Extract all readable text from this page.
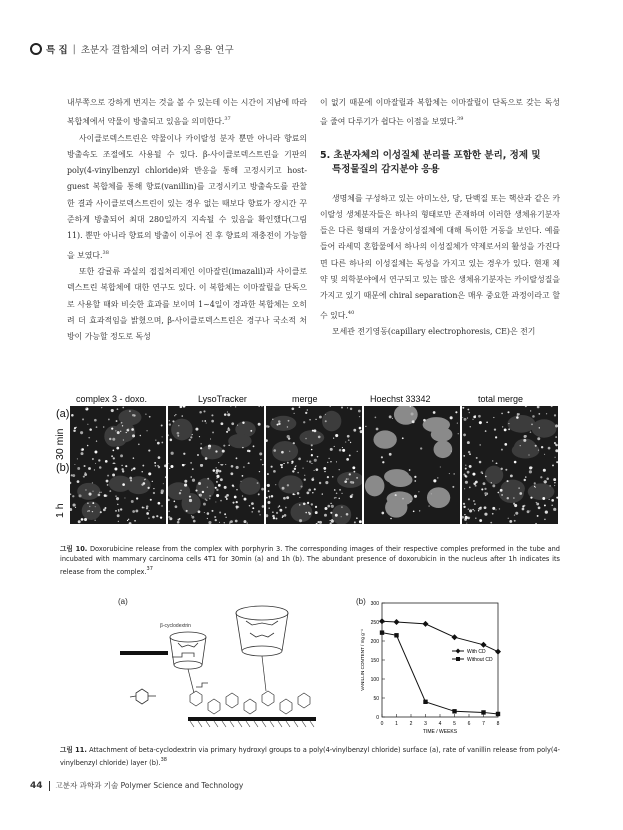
특 집 | 초분자 결합체의 여러 가지 응용 연구

내부쪽으로 강하게 번지는 것을 볼 수 있는데 이는 시간이 지남에 따라 복합체에서 약물이 방출되고 있음을 의미한다.$^{37}$

사이클로덱스트린은 약물이나 카이랄성 분자 뿐만 아니라 향료의 방출속도 조절에도 사용될 수 있다. β-사이클로덱스트린을 기판의 poly(4-vinylbenzyl chloride)와 반응을 통해 고정시키고 host-guest 복합체를 통해 향료(vanillin)를 고정시키고 방출속도를 관찰한 결과 사이클로덱스트린이 있는 경우 없는 때보다 향료가 장시간 꾸준하게 방출되어 최대 280일까지 지속될 수 있음을 확인했다(그림 11). 뿐만 아니라 향료의 방출이 이루어 진 후 향료의 재충전이 가능함을 보였다.$^{38}$

또한 감귤류 과실의 접집처리제인 이마잘린(imazalil)과 사이클로덱스트린 복합체에 대한 연구도 있다. 이 복합체는 이마잘릴을 단독으로 사용할 때와 비슷한 효과를 보이며 1~4일이 경과한 복합체는 오히려 더 효과적임을 밝혔으며, β-사이클로덱스트린은 경구나 국소적 처방이 가능할 정도로 독성

이 없기 때문에 이마잘릴과 복합체는 이마잘릴이 단독으로 갖는 독성을 줄여 다루기가 쉽다는 이점을 보였다.$^{39}$

5. 초분자체의 이성질체 분리를 포함한 분리, 정제 및
특정물질의 감지분야 응용

생명체를 구성하고 있는 아미노산, 당, 단백질 또는 핵산과 같은 카이랄성 생체분자들은 하나의 형태로만 존재하며 이러한 생체유기분자들은 다른 형태의 거울상이성질체에 대해 특이한 거동을 보인다. 예를 들어 라세믹 혼합물에서 하나의 이성질체가 약제로서의 활성을 가진다면 다른 하나의 이성질체는 독성을 가지고 있는 경우가 있다. 현재 제약 및 의학분야에서 연구되고 있는 많은 생체유기분자는 카이랄성질을 가지고 있기 때문에 chiral separation은 매우 중요한 과정이라고 할 수 있다.$^{40}$

모세관 전기영동(capillary electrophoresis, CE)은 전기

complex 3 - doxo.	LysoTracker	merge	Hoechst 33342	total merge
(a)
30 min
(b)
1 h
그림 10. Doxorubicine release from the complex with porphyrin 3. The corresponding images of their respective comples preformed in the tube and incubated with mammary carcinoma cells 4T1 for 30min (a) and 1h (b). The abundant presence of doxorubicin in the nucleus after 1h indicates its release from the complex.$^{37}$
(a)
β-cyclodextrin
(b)
0
50
100
150
200
250
300
0 1 2 3 4 5 6 7 8
TIME / WEEKS
VANILLIN CONTENT / mg g⁻¹	With CD
Without CD
그림 11. Attachment of beta-cyclodextrin via primary hydroxyl groups to a poly(4-vinylbenzyl chloride) surface (a), rate of vanillin release from poly(4-vinylbenzyl chloride) layer (b).$^{38}$
44 고분자 과학과 기술 Polymer Science and Technology
